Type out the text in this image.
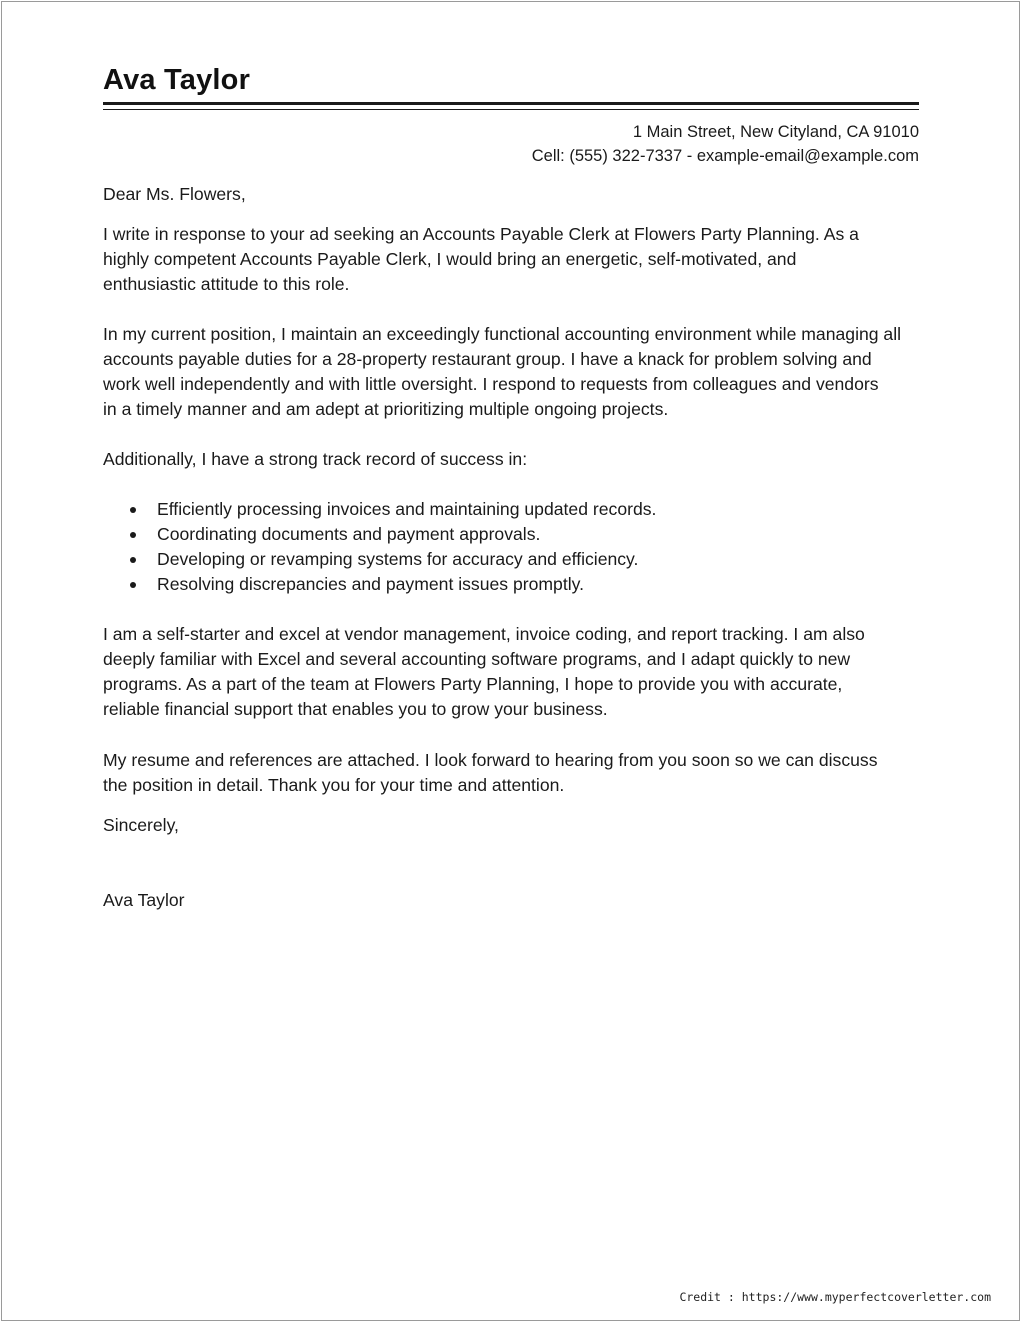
Ava Taylor
1 Main Street, New Cityland, CA 91010
Cell: (555) 322-7337 - example-email@example.com

Dear Ms. Flowers,

I write in response to your ad seeking an Accounts Payable Clerk at Flowers Party Planning. As a
highly competent Accounts Payable Clerk, I would bring an energetic, self-motivated, and
enthusiastic attitude to this role.

In my current position, I maintain an exceedingly functional accounting environment while managing all
accounts payable duties for a 28-property restaurant group. I have a knack for problem solving and
work well independently and with little oversight. I respond to requests from colleagues and vendors
in a timely manner and am adept at prioritizing multiple ongoing projects.

Additionally, I have a strong track record of success in:

Efficiently processing invoices and maintaining updated records.
Coordinating documents and payment approvals.
Developing or revamping systems for accuracy and efficiency.
Resolving discrepancies and payment issues promptly.

I am a self-starter and excel at vendor management, invoice coding, and report tracking. I am also
deeply familiar with Excel and several accounting software programs, and I adapt quickly to new
programs. As a part of the team at Flowers Party Planning, I hope to provide you with accurate,
reliable financial support that enables you to grow your business.

My resume and references are attached. I look forward to hearing from you soon so we can discuss
the position in detail. Thank you for your time and attention.

Sincerely,

Ava Taylor

Credit : https://www.myperfectcoverletter.com
